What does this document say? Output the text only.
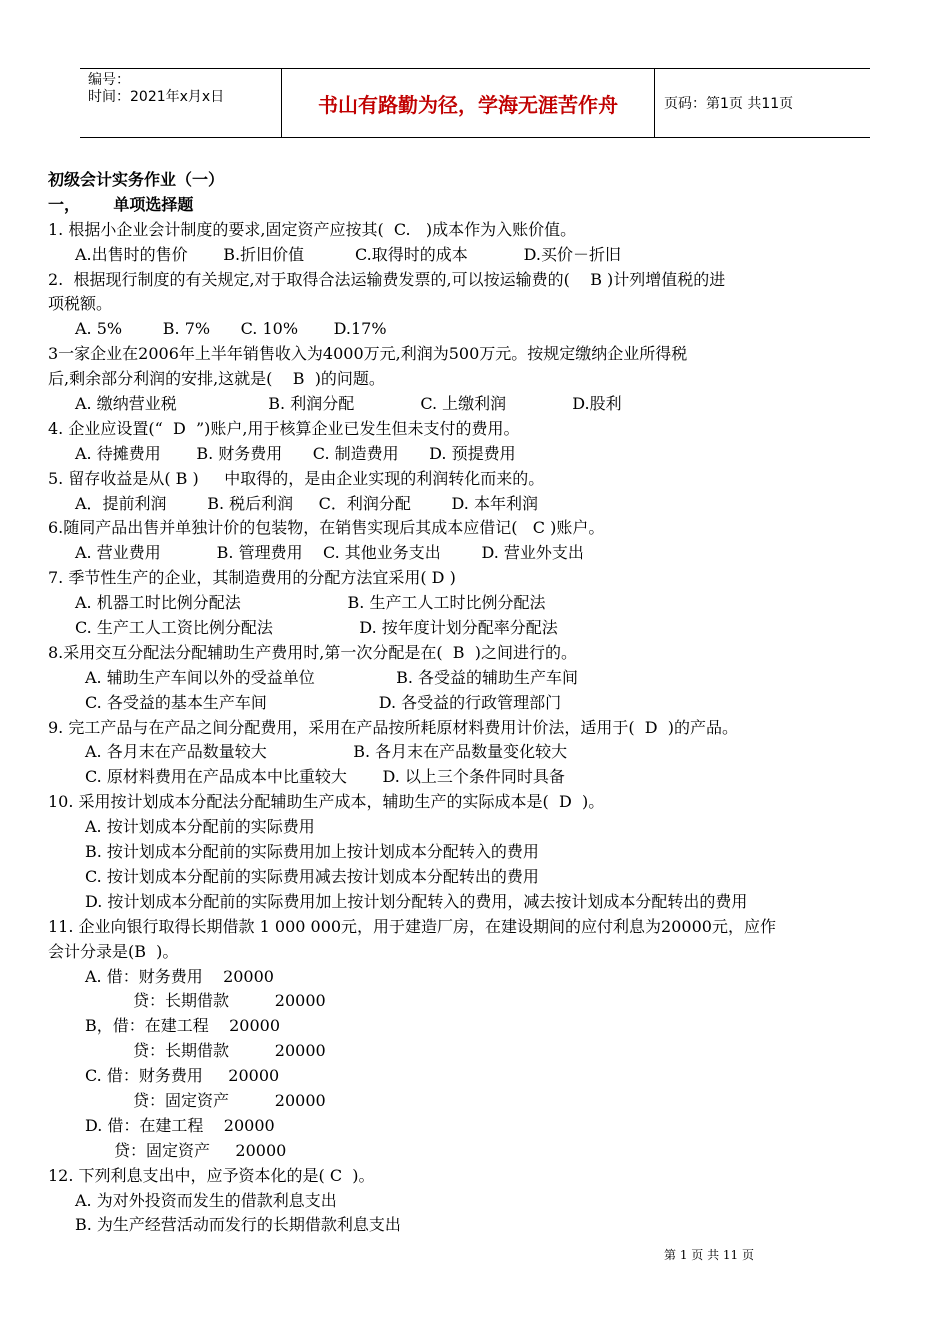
编号：
时间：2021年x月x日	书山有路勤为径，学海无涯苦作舟	页码：第1页 共11页
初级会计实务作业（一）
一，      单项选择题
1. 根据小企业会计制度的要求,固定资产应按其(  C.   )成本作为入账价值。
A.出售时的售价       B.折旧价值          C.取得时的成本           D.买价－折旧
2.  根据现行制度的有关规定,对于取得合法运输费发票的,可以按运输费的(    B )计列增值税的进
项税额。
A. 5%        B. 7%      C. 10%       D.17%
3一家企业在2006年上半年销售收入为4000万元,利润为500万元。按规定缴纳企业所得税
后,剩余部分利润的安排,这就是(    B  )的问题。
A. 缴纳营业税                  B. 利润分配             C. 上缴利润             D.股利
4. 企业应设置(“  D  ”)账户,用于核算企业已发生但未支付的费用。
A. 待摊费用       B. 财务费用      C. 制造费用      D. 预提费用
5. 留存收益是从( B )     中取得的，是由企业实现的利润转化而来的。
A．提前利润        B. 税后利润     C．利润分配        D. 本年利润
6.随同产品出售并单独计价的包装物，在销售实现后其成本应借记(   C )账户。
A. 营业费用           B. 管理费用    C. 其他业务支出        D. 营业外支出
7. 季节性生产的企业，其制造费用的分配方法宜采用( D )
A. 机器工时比例分配法                     B. 生产工人工时比例分配法
C. 生产工人工资比例分配法                 D. 按年度计划分配率分配法
8.采用交互分配法分配辅助生产费用时,第一次分配是在(  B  )之间进行的。
A. 辅助生产车间以外的受益单位                B. 各受益的辅助生产车间
C. 各受益的基本生产车间                      D. 各受益的行政管理部门
9. 完工产品与在产品之间分配费用，采用在产品按所耗原材料费用计价法，适用于(  D  )的产品。
A. 各月末在产品数量较大                 B. 各月末在产品数量变化较大
C. 原材料费用在产品成本中比重较大       D. 以上三个条件同时具备
10. 采用按计划成本分配法分配辅助生产成本，辅助生产的实际成本是(  D  )。
A. 按计划成本分配前的实际费用
B. 按计划成本分配前的实际费用加上按计划成本分配转入的费用
C. 按计划成本分配前的实际费用减去按计划成本分配转出的费用
D. 按计划成本分配前的实际费用加上按计划分配转入的费用，减去按计划成本分配转出的费用
11. 企业向银行取得长期借款 1 000 000元，用于建造厂房，在建设期间的应付利息为20000元，应作
会计分录是(B  )。
A. 借：财务费用    20000
贷：长期借款         20000
B，借：在建工程    20000
贷：长期借款         20000
C. 借：财务费用     20000
贷：固定资产         20000
D. 借：在建工程    20000
贷：固定资产     20000
12. 下列利息支出中，应予资本化的是( C  )。
A. 为对外投资而发生的借款利息支出
B. 为生产经营活动而发行的长期借款利息支出
第 1 页 共 11 页
